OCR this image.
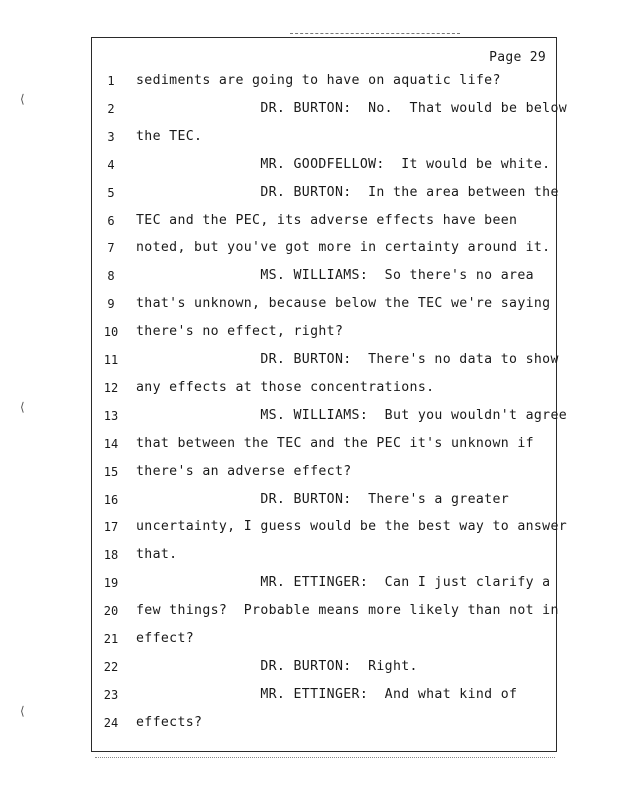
⟨
⟨
⟨
Page 29
1	sediments are going to have on aquatic life?
2	DR. BURTON:  No.  That would be below
3	the TEC.
4	MR. GOODFELLOW:  It would be white.
5	DR. BURTON:  In the area between the
6	TEC and the PEC, its adverse effects have been
7	noted, but you've got more in certainty around it.
8	MS. WILLIAMS:  So there's no area
9	that's unknown, because below the TEC we're saying
10	there's no effect, right?
11	DR. BURTON:  There's no data to show
12	any effects at those concentrations.
13	MS. WILLIAMS:  But you wouldn't agree
14	that between the TEC and the PEC it's unknown if
15	there's an adverse effect?
16	DR. BURTON:  There's a greater
17	uncertainty, I guess would be the best way to answer
18	that.
19	MR. ETTINGER:  Can I just clarify a
20	few things?  Probable means more likely than not in
21	effect?
22	DR. BURTON:  Right.
23	MR. ETTINGER:  And what kind of
24	effects?
